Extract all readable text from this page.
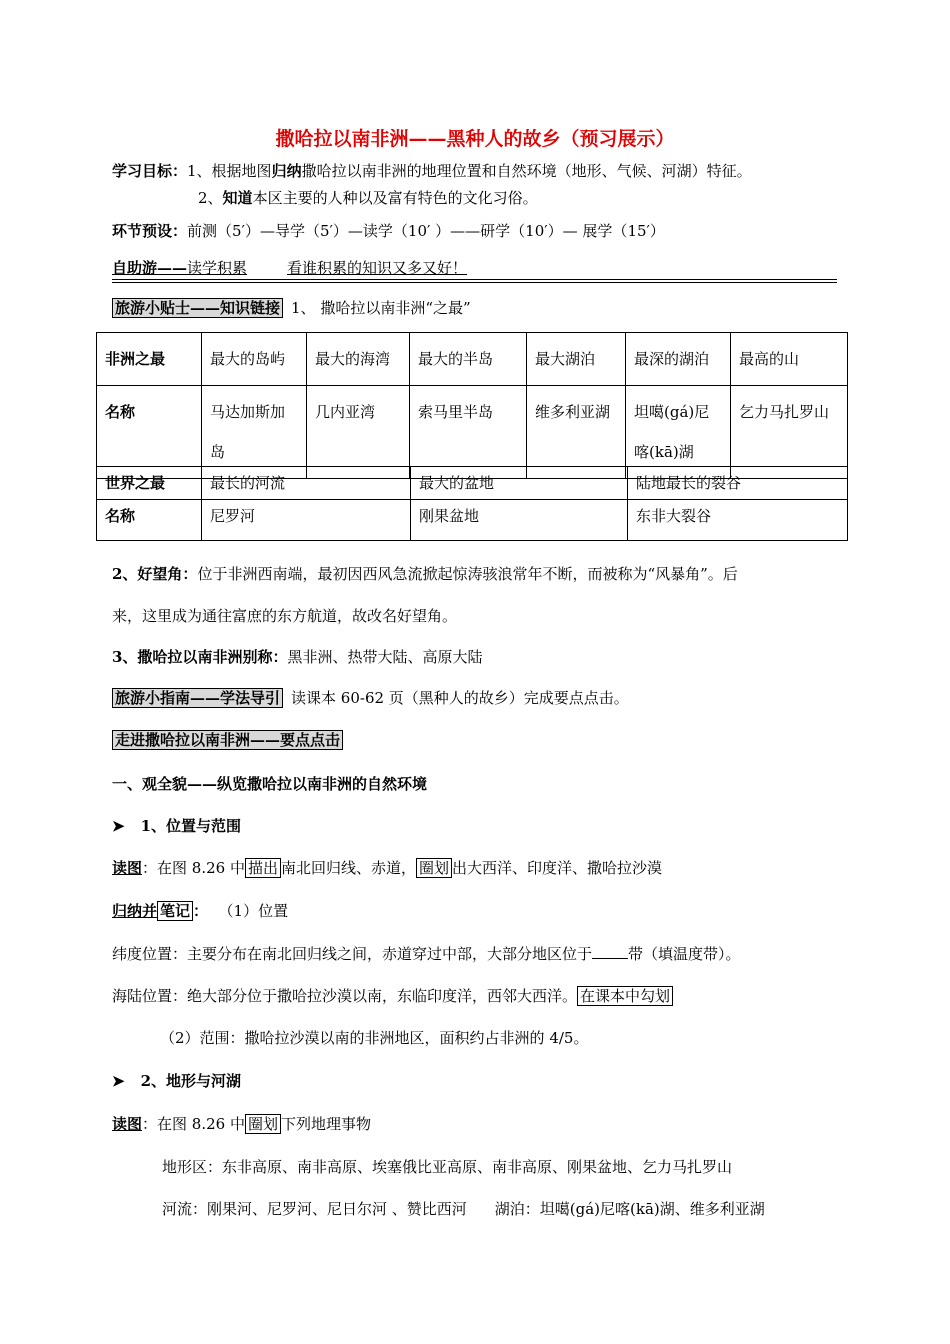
撒哈拉以南非洲——黑种人的故乡（预习展示）
学习目标：1、根据地图归纳撒哈拉以南非洲的地理位置和自然环境（地形、气候、河湖）特征。
2、知道本区主要的人种以及富有特色的文化习俗。
环节预设：前测（5′）—导学（5′）—读学（10′ ）——研学（10′）— 展学（15′）
自助游——读学积累	看谁积累的知识又多又好！
旅游小贴士——知识链接 1、 撒哈拉以南非洲“之最”
非洲之最	最大的岛屿	最大的海湾	最大的半岛	最大湖泊	最深的湖泊	最高的山
名称	马达加斯加岛	几内亚湾	索马里半岛	维多利亚湖	坦噶(gá)尼喀(kā)湖	乞力马扎罗山
世界之最	最长的河流	最大的盆地	陆地最长的裂谷
名称	尼罗河	刚果盆地	东非大裂谷
2、好望角：位于非洲西南端，最初因西风急流掀起惊涛骇浪常年不断，而被称为“风暴角”。后
来，这里成为通往富庶的东方航道，故改名好望角。
3、撒哈拉以南非洲别称：黑非洲、热带大陆、高原大陆
旅游小指南——学法导引 读课本 60-62 页（黑种人的故乡）完成要点点击。
走进撒哈拉以南非洲——要点点击
一、观全貌——纵览撒哈拉以南非洲的自然环境
➤ 1、位置与范围
读图：在图 8.26 中 描出 南北回归线、赤道， 圈划 出大西洋、印度洋、撒哈拉沙漠
归纳并 笔记 ： （1）位置
纬度位置：主要分布在南北回归线之间，赤道穿过中部，大部分地区位于 带（填温度带）。
海陆位置：绝大部分位于撒哈拉沙漠以南，东临印度洋，西邻大西洋。 在课本中勾划
（2）范围：撒哈拉沙漠以南的非洲地区，面积约占非洲的 4/5。
➤ 2、地形与河湖
读图：在图 8.26 中 圈划 下列地理事物
地形区：东非高原、南非高原、埃塞俄比亚高原、南非高原、刚果盆地、乞力马扎罗山
河流：刚果河、尼罗河、尼日尔河 、赞比西河 湖泊：坦噶(gá)尼喀(kā)湖、维多利亚湖
